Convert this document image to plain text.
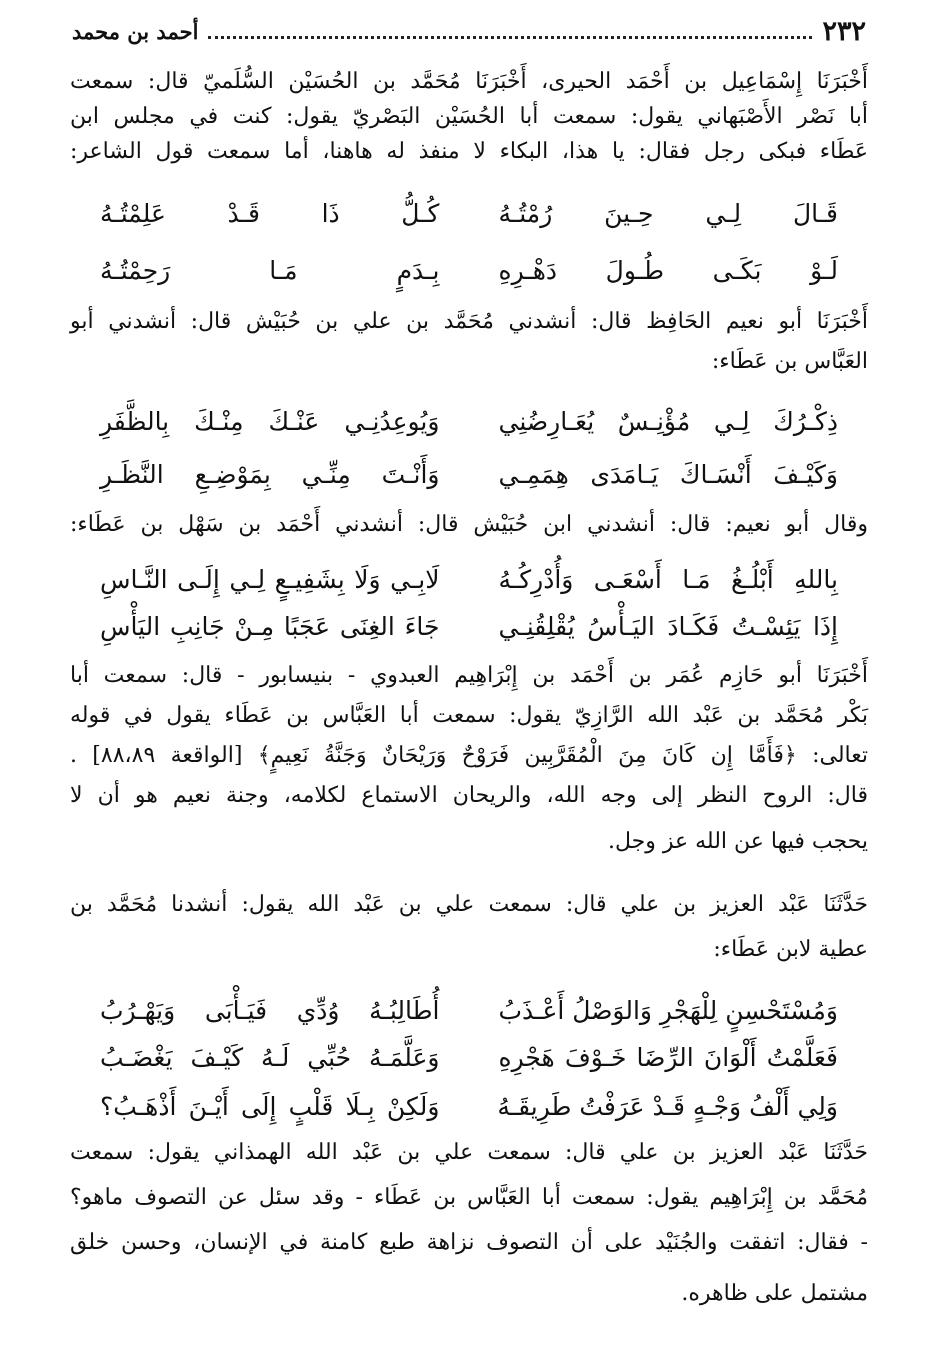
٢٣٢
أحمد بن محمد
أَخْبَرَنَا إِسْمَاعِيل بن أَحْمَد الحيرى، أَخْبَرَنَا مُحَمَّد بن الحُسَيْن السُّلَميّ قال: سمعت
أبا نَصْر الأَصْبَهاني يقول: سمعت أبا الحُسَيْن البَصْريّ يقول: كنت في مجلس ابن
عَطَاء فبكى رجل فقال: يا هذا، البكاء لا منفذ له هاهنا، أما سمعت قول الشاعر:
قَـالَ لِـي حِـينَ رُمْتُـهُ
كُـلُّ ذَا قَـدْ عَلِمْتُـهُ
لَـوْ بَكَـى طُـولَ دَهْـرِهِ
بِـدَمٍ مَـا رَحِمْتُـهُ
أَخْبَرَنَا أبو نعيم الحَافِظ قال: أنشدني مُحَمَّد بن علي بن حُبَيْش قال: أنشدني أبو
العَبَّاس بن عَطَاء:
ذِكْـرُكَ لِـي مُؤْنِـسٌ يُعَـارِضُنِي
وَيُوعِدُنِـي عَنْـكَ مِنْـكَ بِالظَّفَرِ
وَكَيْـفَ أَنْسَـاكَ يَـامَدَى هِمَمِـي
وَأَنْـتَ مِنِّـي بِمَوْضِـعِ النَّظَـرِ
وقال أبو نعيم: قال: أنشدني ابن حُبَيْش قال: أنشدني أَحْمَد بن سَهْل بن عَطَاء:
بِاللهِ أَبْلُـغُ مَـا أَسْعَـى وَأُدْرِكُـهُ
لَابِـي وَلَا بِشَفِيـعٍ لِـي إِلَـى النَّـاسِ
إِذَا يَئِسْـتُ فَكَـادَ اليَـأْسُ يُقْلِقُنِـي
جَاءَ الغِنَى عَجَبًا مِـنْ جَانِبِ اليَأْسِ
أَخْبَرَنَا أبو حَازِم عُمَر بن أَحْمَد بن إِبْرَاهِيم العبدوي - بنيسابور - قال: سمعت أبا
بَكْر مُحَمَّد بن عَبْد الله الرَّازِيّ يقول: سمعت أبا العَبَّاس بن عَطَاء يقول في قوله
تعالى: ﴿فَأَمَّا إِن كَانَ مِنَ الْمُقَرَّبِين فَرَوْحٌ وَرَيْحَانٌ وَجَنَّةُ نَعِيمٍ﴾ [الواقعة ٨٨،٨٩] .
قال: الروح النظر إلى وجه الله، والريحان الاستماع لكلامه، وجنة نعيم هو أن لا
يحجب فيها عن الله عز وجل.
حَدَّثَنَا عَبْد العزيز بن علي قال: سمعت علي بن عَبْد الله يقول: أنشدنا مُحَمَّد بن
عطية لابن عَطَاء:
وَمُسْتَحْسِنٍ لِلْهَجْرِ وَالوَصْلُ أَعْـذَبُ
أُطَالِبُـهُ وُدِّي فَيَـأْبَى وَيَهْـرُبُ
فَعَلَّمْتُ أَلْوَانَ الرِّضَا خَـوْفَ هَجْرِهِ
وَعَلَّمَـهُ حُبِّي لَـهُ كَيْـفَ يَغْضَـبُ
وَلِي أَلْفُ وَجْـهٍ قَـدْ عَرَفْتُ طَرِيقَـهُ
وَلَكِنْ بِـلَا قَلْبٍ إِلَى أَيْـنَ أَذْهَـبُ؟
حَدَّثَنَا عَبْد العزيز بن علي قال: سمعت علي بن عَبْد الله الهمذاني يقول: سمعت
مُحَمَّد بن إِبْرَاهِيم يقول: سمعت أبا العَبَّاس بن عَطَاء - وقد سئل عن التصوف ماهو؟
- فقال: اتفقت والجُنَيْد على أن التصوف نزاهة طبع كامنة في الإنسان، وحسن خلق
مشتمل على ظاهره.
